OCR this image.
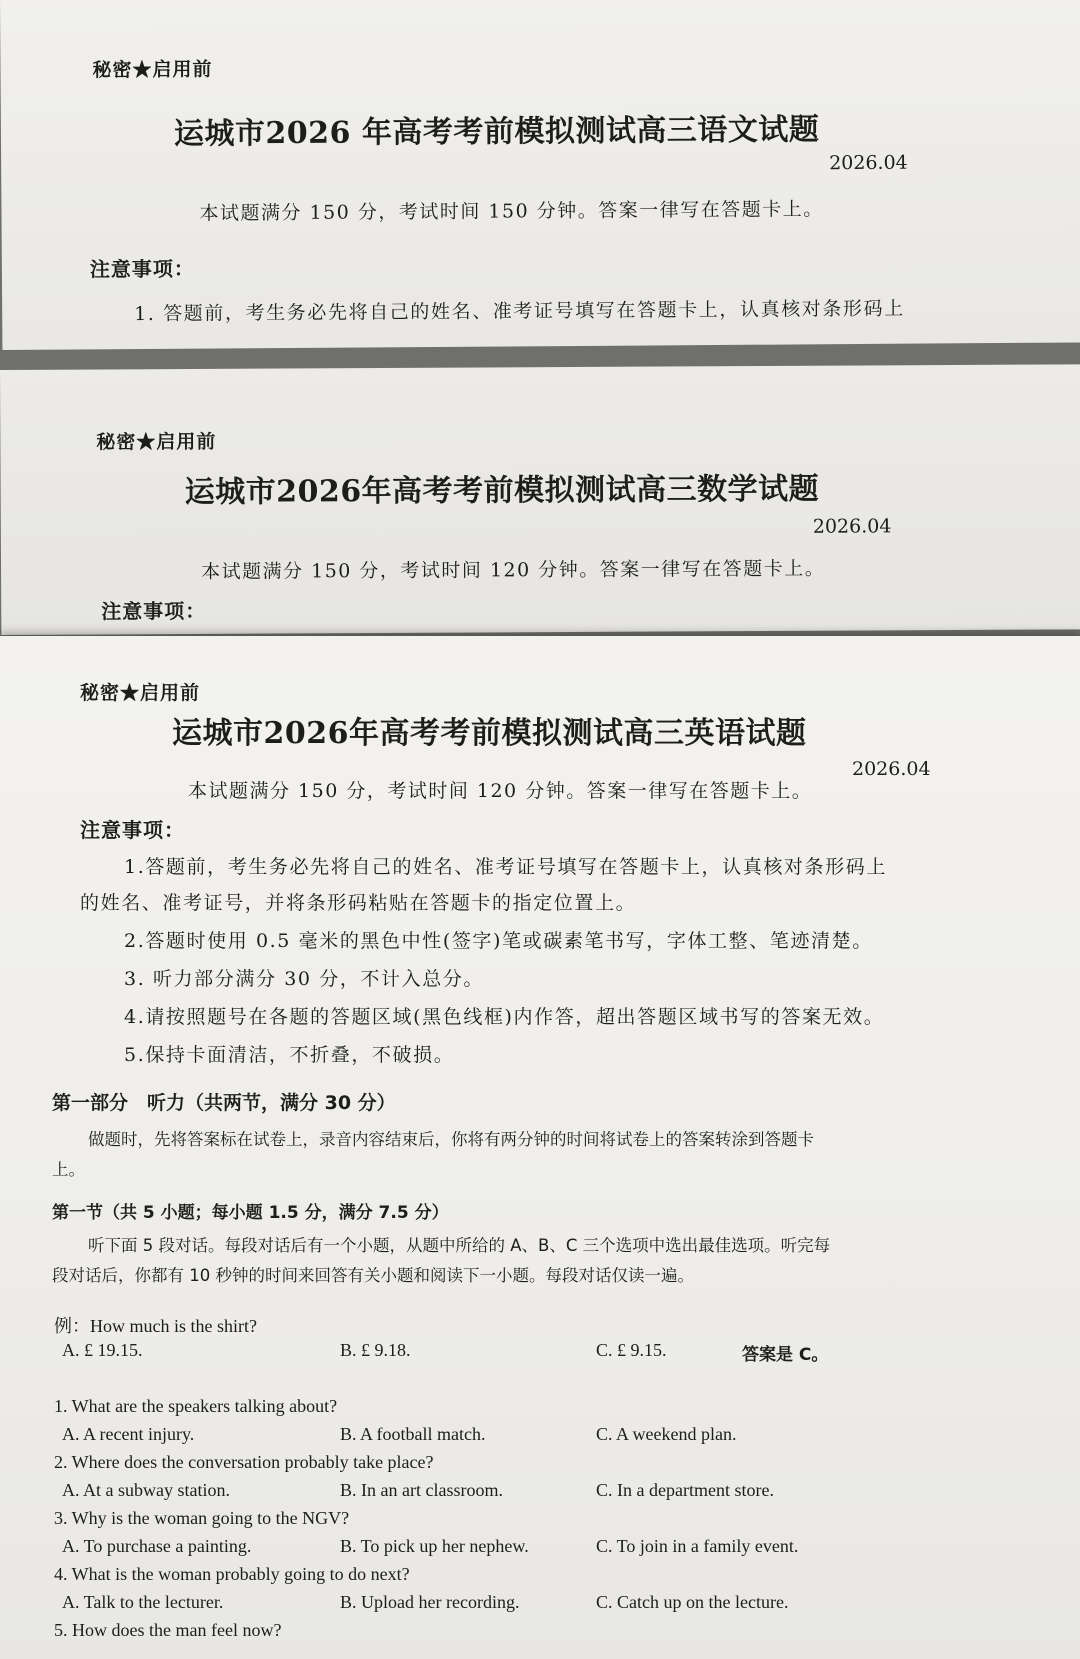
秘密★启用前
运城市2026 年高考考前模拟测试高三语文试题
2026.04
本试题满分 150 分，考试时间 150 分钟。答案一律写在答题卡上。
注意事项：
1. 答题前，考生务必先将自己的姓名、准考证号填写在答题卡上，认真核对条形码上
秘密★启用前
运城市2026年高考考前模拟测试高三数学试题
2026.04
本试题满分 150 分，考试时间 120 分钟。答案一律写在答题卡上。
注意事项：
秘密★启用前
运城市2026年高考考前模拟测试高三英语试题
2026.04
本试题满分 150 分，考试时间 120 分钟。答案一律写在答题卡上。
注意事项：
1.答题前，考生务必先将自己的姓名、准考证号填写在答题卡上，认真核对条形码上
的姓名、准考证号，并将条形码粘贴在答题卡的指定位置上。
2.答题时使用 0.5 毫米的黑色中性(签字)笔或碳素笔书写，字体工整、笔迹清楚。
3. 听力部分满分 30 分，不计入总分。
4.请按照题号在各题的答题区域(黑色线框)内作答，超出答题区域书写的答案无效。
5.保持卡面清洁，不折叠，不破损。
第一部分　听力（共两节，满分 30 分）
做题时，先将答案标在试卷上，录音内容结束后，你将有两分钟的时间将试卷上的答案转涂到答题卡
上。
第一节（共 5 小题；每小题 1.5 分，满分 7.5 分）
听下面 5 段对话。每段对话后有一个小题，从题中所给的 A、B、C 三个选项中选出最佳选项。听完每
段对话后，你都有 10 秒钟的时间来回答有关小题和阅读下一小题。每段对话仅读一遍。
例：How much is the shirt?
A. £ 19.15.	B. £ 9.18.	C. £ 9.15.	答案是 C。
1. What are the speakers talking about?
A. A recent injury.	B. A football match.	C. A weekend plan.
2. Where does the conversation probably take place?
A. At a subway station.	B. In an art classroom.	C. In a department store.
3. Why is the woman going to the NGV?
A. To purchase a painting.	B. To pick up her nephew.	C. To join in a family event.
4. What is the woman probably going to do next?
A. Talk to the lecturer.	B. Upload her recording.	C. Catch up on the lecture.
5. How does the man feel now?
